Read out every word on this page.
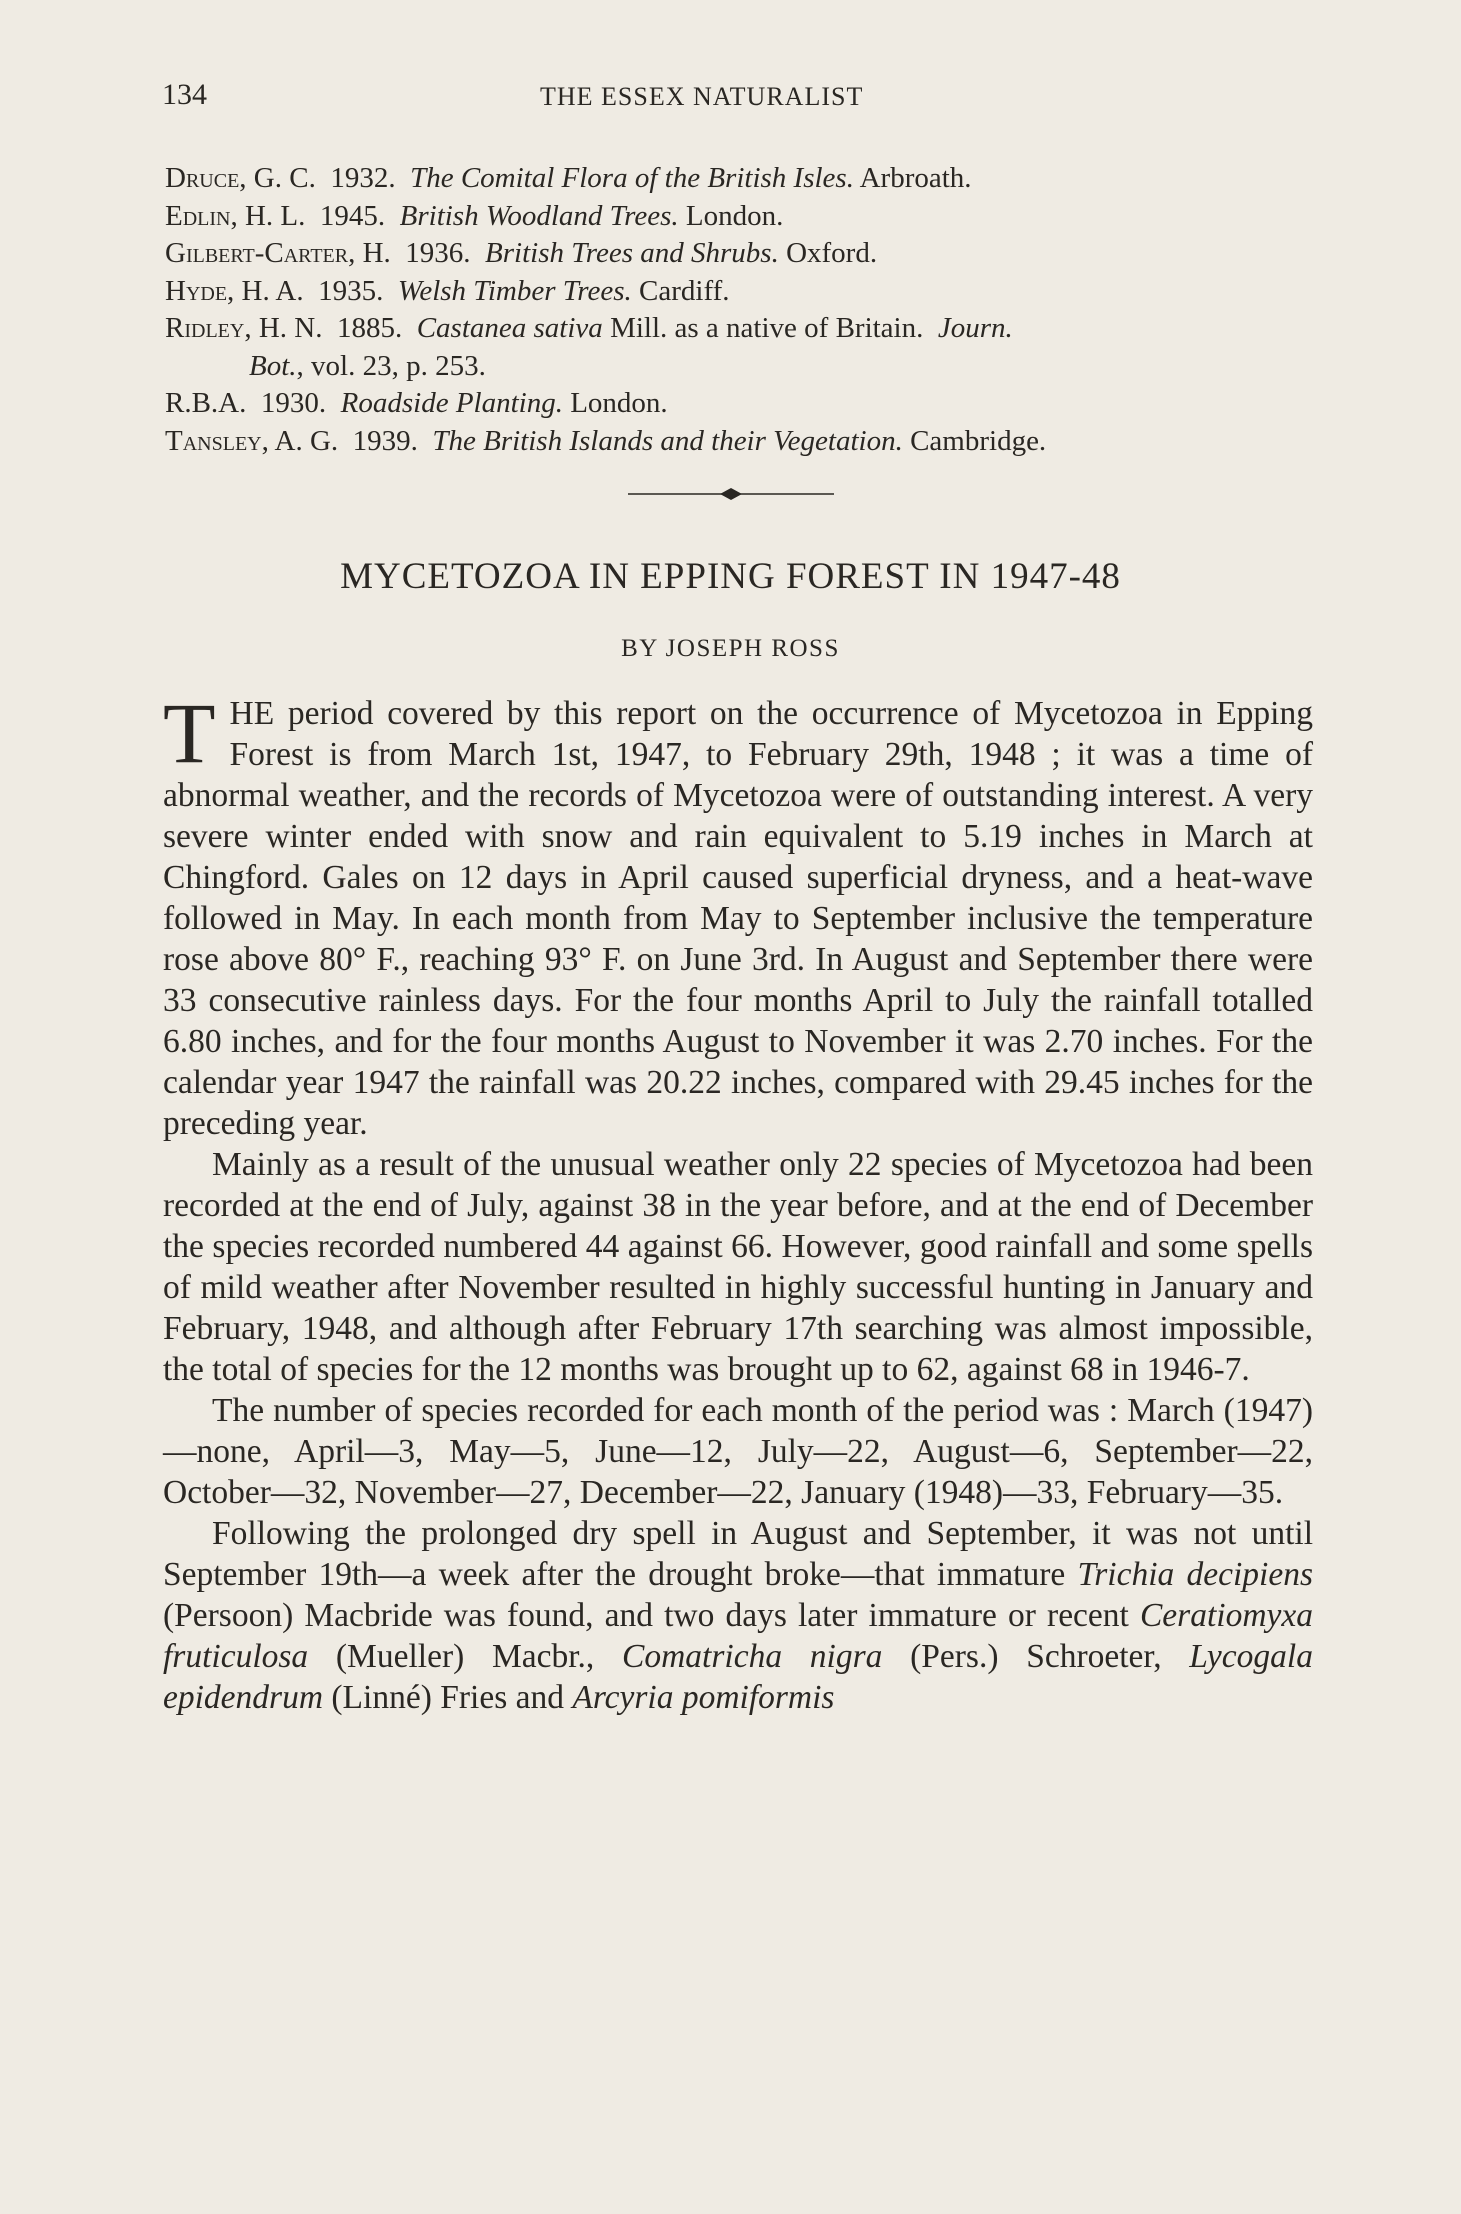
134	THE ESSEX NATURALIST
Druce, G. C. 1932. The Comital Flora of the British Isles. Arbroath.
Edlin, H. L. 1945. British Woodland Trees. London.
Gilbert-Carter, H. 1936. British Trees and Shrubs. Oxford.
Hyde, H. A. 1935. Welsh Timber Trees. Cardiff.
Ridley, H. N. 1885. Castanea sativa Mill. as a native of Britain. Journ.
Bot., vol. 23, p. 253.
R.B.A. 1930. Roadside Planting. London.
Tansley, A. G. 1939. The British Islands and their Vegetation. Cambridge.
MYCETOZOA IN EPPING FOREST IN 1947-48
BY JOSEPH ROSS

THE period covered by this report on the occurrence of Mycetozoa in Epping Forest is from March 1st, 1947, to February 29th, 1948 ; it was a time of abnormal weather, and the records of Mycetozoa were of outstanding interest. A very severe winter ended with snow and rain equivalent to 5.19 inches in March at Chingford. Gales on 12 days in April caused superficial dryness, and a heat-wave followed in May. In each month from May to September inclusive the temperature rose above 80° F., reaching 93° F. on June 3rd. In August and September there were 33 consecutive rainless days. For the four months April to July the rainfall totalled 6.80 inches, and for the four months August to November it was 2.70 inches. For the calendar year 1947 the rainfall was 20.22 inches, compared with 29.45 inches for the preceding year.

Mainly as a result of the unusual weather only 22 species of Mycetozoa had been recorded at the end of July, against 38 in the year before, and at the end of December the species recorded numbered 44 against 66. However, good rainfall and some spells of mild weather after November resulted in highly successful hunting in January and February, 1948, and although after February 17th searching was almost impossible, the total of species for the 12 months was brought up to 62, against 68 in 1946-7.

The number of species recorded for each month of the period was : March (1947)—none, April—3, May—5, June—12, July—22, August—6, September—22, October—32, November—27, December—22, January (1948)—33, February—35.

Following the prolonged dry spell in August and September, it was not until September 19th—a week after the drought broke—that immature Trichia decipiens (Persoon) Macbride was found, and two days later immature or recent Ceratiomyxa fruticulosa (Mueller) Macbr., Comatricha nigra (Pers.) Schroeter, Lycogala epidendrum (Linné) Fries and Arcyria pomiformis
